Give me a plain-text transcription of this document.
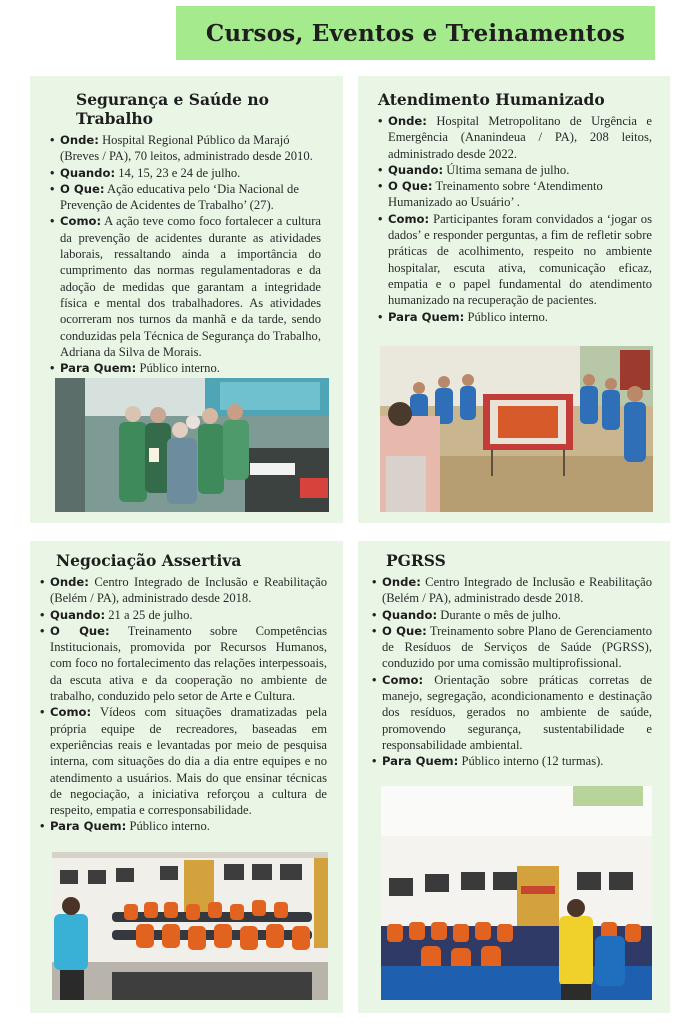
Cursos, Eventos e Treinamentos
Segurança e Saúde no Trabalho
• Onde: Hospital Regional Público da Marajó (Breves / PA), 70 leitos, administrado desde 2010.
• Quando: 14, 15, 23 e 24 de julho.
• O Que: Ação educativa pelo ‘Dia Nacional de Prevenção de Acidentes de Trabalho’ (27).
• Como: A ação teve como foco fortalecer a cultura da prevenção de acidentes durante as atividades laborais, ressaltando ainda a importância do cumprimento das normas regulamentadoras e da adoção de medidas que garantam a integridade física e mental dos trabalhadores. As atividades ocorreram nos turnos da manhã e da tarde, sendo conduzidas pela Técnica de Segurança do Trabalho, Adriana da Silva de Morais.
• Para Quem: Público interno.
Atendimento Humanizado
• Onde: Hospital Metropolitano de Urgência e Emergência (Ananindeua / PA), 208 leitos, administrado desde 2022.
• Quando: Última semana de julho.
• O Que: Treinamento sobre ‘Atendimento Humanizado ao Usuário’ .
• Como: Participantes foram convidados a ‘jogar os dados’ e responder perguntas, a fim de refletir sobre práticas de acolhimento, respeito no ambiente hospitalar, escuta ativa, comunicação eficaz, empatia e o papel fundamental do atendimento humanizado na recuperação de pacientes.
• Para Quem: Público interno.
Negociação Assertiva
• Onde: Centro Integrado de Inclusão e Reabilitação (Belém / PA), administrado desde 2018.
• Quando: 21 a 25 de julho.
• O Que: Treinamento sobre Competências Institucionais, promovida por Recursos Humanos, com foco no fortalecimento das relações interpessoais, da escuta ativa e da cooperação no ambiente de trabalho, conduzido pelo setor de Arte e Cultura.
• Como: Vídeos com situações dramatizadas pela própria equipe de recreadores, baseadas em experiências reais e levantadas por meio de pesquisa interna, com situações do dia a dia entre equipes e no atendimento a usuários. Mais do que ensinar técnicas de negociação, a iniciativa reforçou a cultura de respeito, empatia e corresponsabilidade.
• Para Quem: Público interno.
PGRSS
• Onde: Centro Integrado de Inclusão e Reabilitação (Belém / PA), administrado desde 2018.
• Quando: Durante o mês de julho.
• O Que: Treinamento sobre Plano de Gerenciamento de Resíduos de Serviços de Saúde (PGRSS), conduzido por uma comissão multiprofissional.
• Como: Orientação sobre práticas corretas de manejo, segregação, acondicionamento e destinação dos resíduos, gerados no ambiente de saúde, promovendo segurança, sustentabilidade e responsabilidade ambiental.
• Para Quem: Público interno (12 turmas).
